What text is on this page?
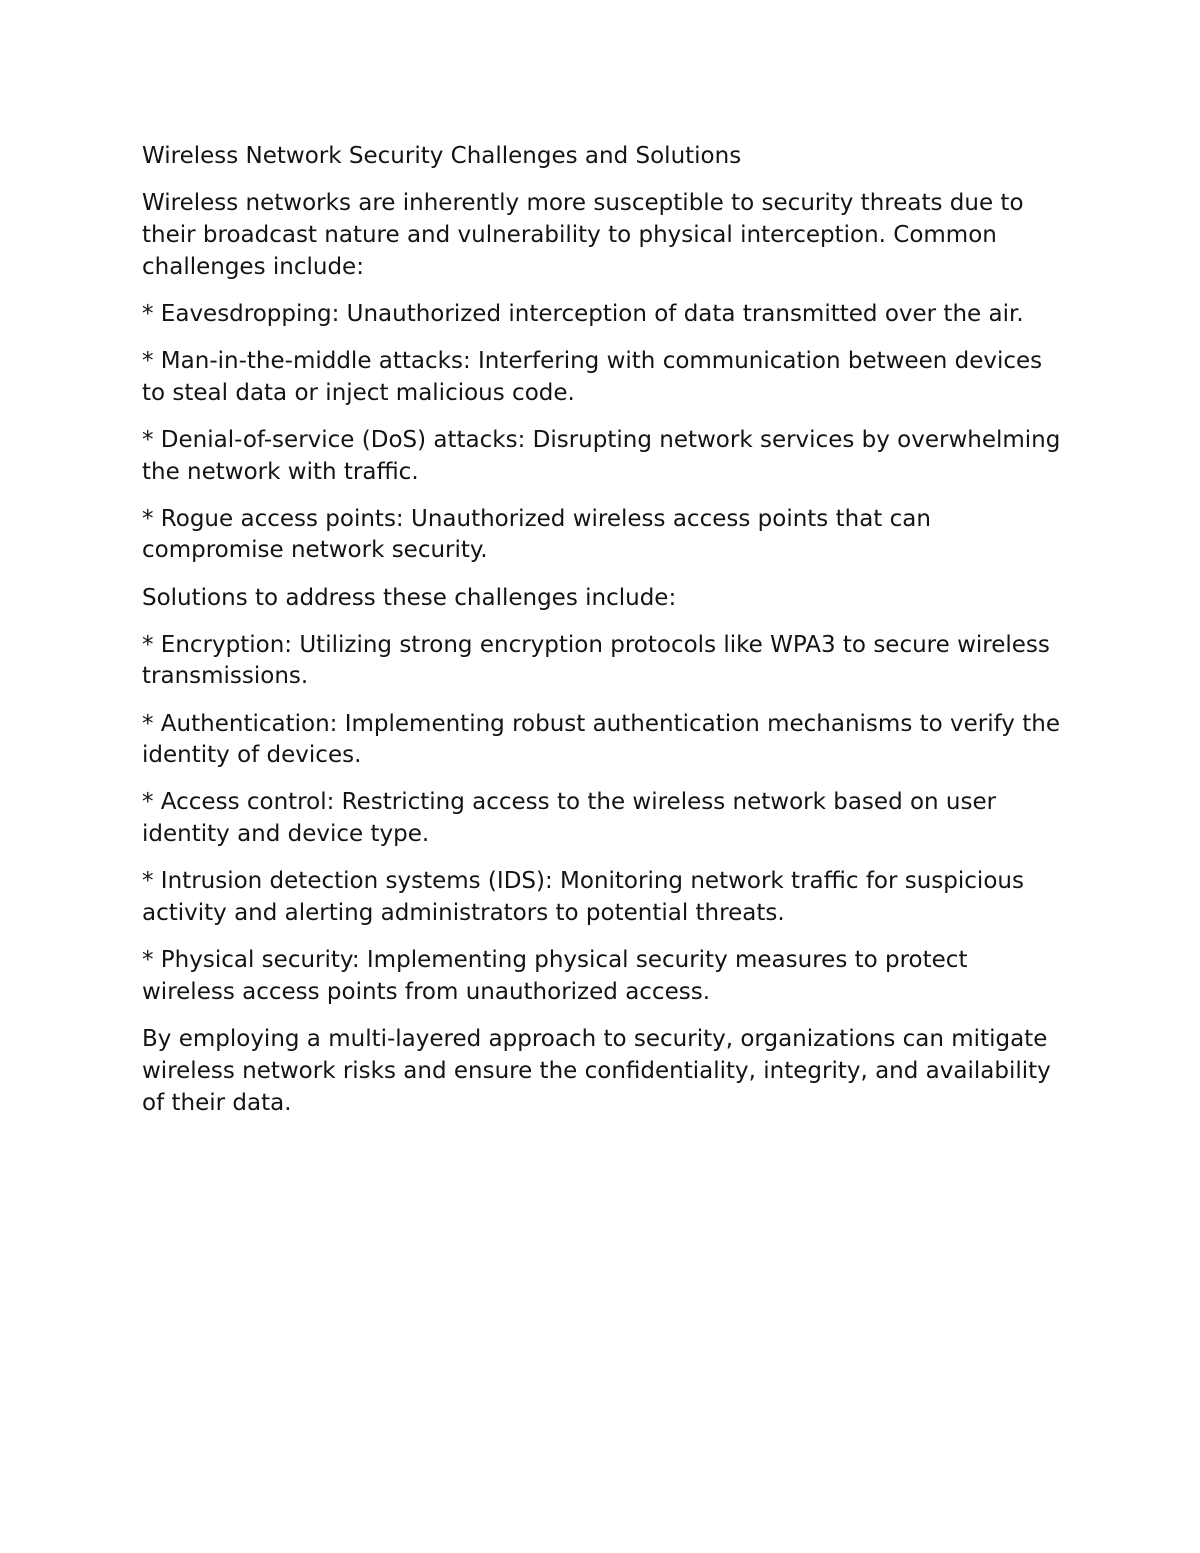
Wireless Network Security Challenges and Solutions

Wireless networks are inherently more susceptible to security threats due to their broadcast nature and vulnerability to physical interception. Common challenges include:

* Eavesdropping: Unauthorized interception of data transmitted over the air.

* Man-in-the-middle attacks: Interfering with communication between devices to steal data or inject malicious code.

* Denial-of-service (DoS) attacks: Disrupting network services by overwhelming the network with traffic.

* Rogue access points: Unauthorized wireless access points that can compromise network security.

Solutions to address these challenges include:

* Encryption: Utilizing strong encryption protocols like WPA3 to secure wireless transmissions.

* Authentication: Implementing robust authentication mechanisms to verify the identity of devices.

* Access control: Restricting access to the wireless network based on user identity and device type.

* Intrusion detection systems (IDS): Monitoring network traffic for suspicious activity and alerting administrators to potential threats.

* Physical security: Implementing physical security measures to protect wireless access points from unauthorized access.

By employing a multi-layered approach to security, organizations can mitigate wireless network risks and ensure the confidentiality, integrity, and availability of their data.
